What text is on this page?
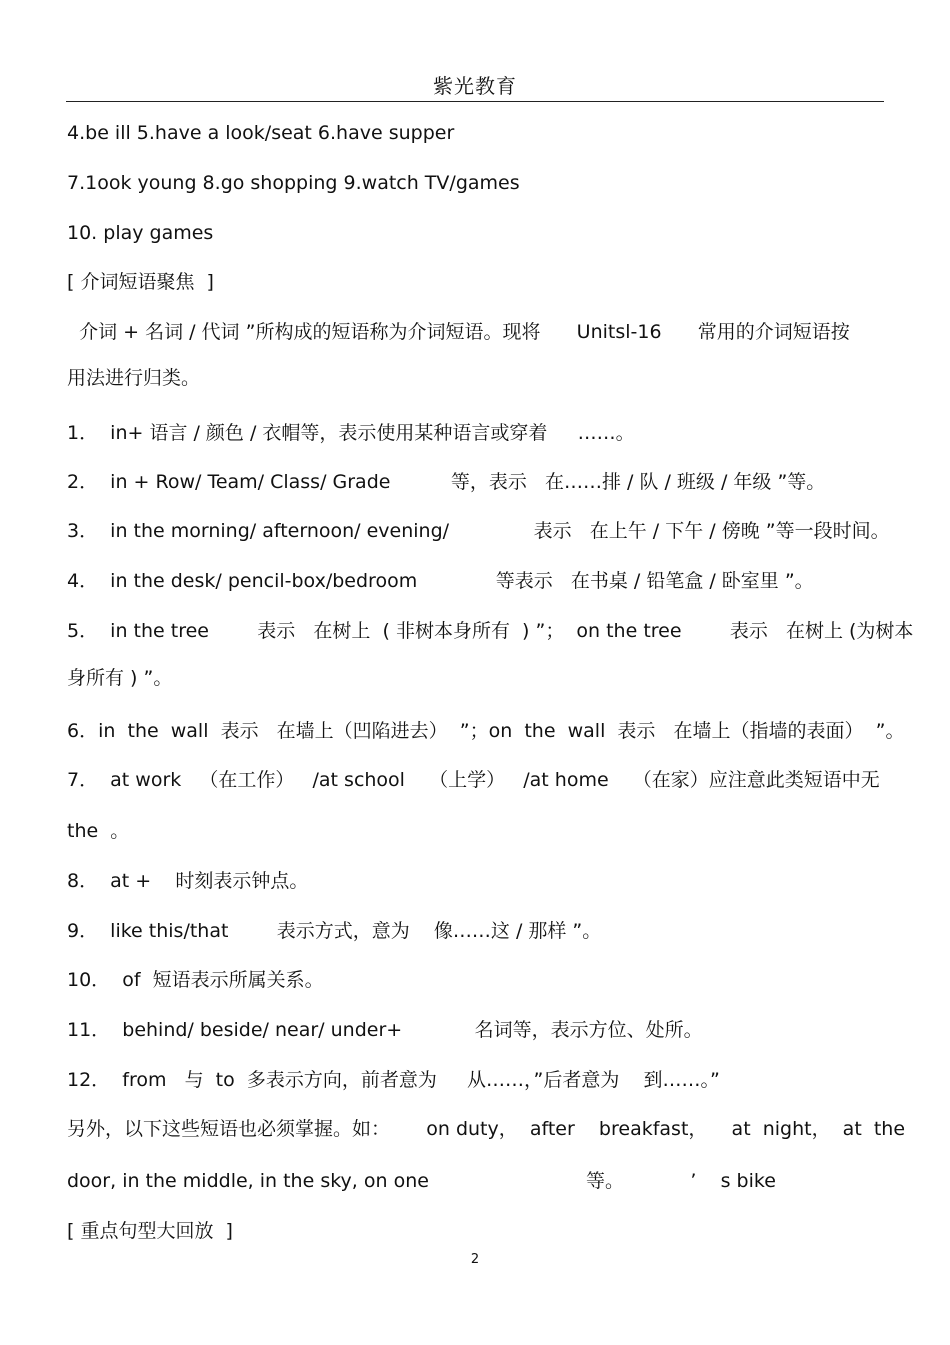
紫光教育
4.be ill 5.have a look/seat 6.have supper
7.1ook young 8.go shopping 9.watch TV/games
10. play games
[ 介词短语聚焦  ]
介词 + 名词 / 代词 ”所构成的短语称为介词短语。现将      Unitsl-16      常用的介词短语按
用法进行归类。
1．  in+ 语言 / 颜色 / 衣帽等，表示使用某种语言或穿着     ……。
2．  in + Row/ Team/ Class/ Grade          等，表示   在……排 / 队 / 班级 / 年级 ”等。
3．  in the morning/ afternoon/ evening/              表示   在上午 / 下午 / 傍晚 ”等一段时间。
4．  in the desk/ pencil-box/bedroom             等表示   在书桌 / 铅笔盒 / 卧室里 ”。
5．  in the tree        表示   在树上  ( 非树本身所有  ) ”；  on the tree        表示   在树上 (为树本
身所有 ) ”。
6．in  the  wall  表示   在墙上（凹陷进去）  ”；on  the  wall  表示   在墙上（指墙的表面）  ”。
7．  at work   （在工作）   /at school    （上学）   /at home    （在家）应注意此类短语中无
the  。
8．  at +    时刻表示钟点。
9．  like this/that        表示方式，意为    像……这 / 那样 ”。
10．  of  短语表示所属关系。
11．  behind/ beside/ near/ under+            名词等，表示方位、处所。
12．  from   与  to  多表示方向，前者意为     从……，”后者意为    到……。”
另外，以下这些短语也必须掌握。如：      on duty，  after    breakfast，    at  night，  at  the
door, in the middle, in the sky, on one                          等。           ’    s bike
[ 重点句型大回放  ]
2
